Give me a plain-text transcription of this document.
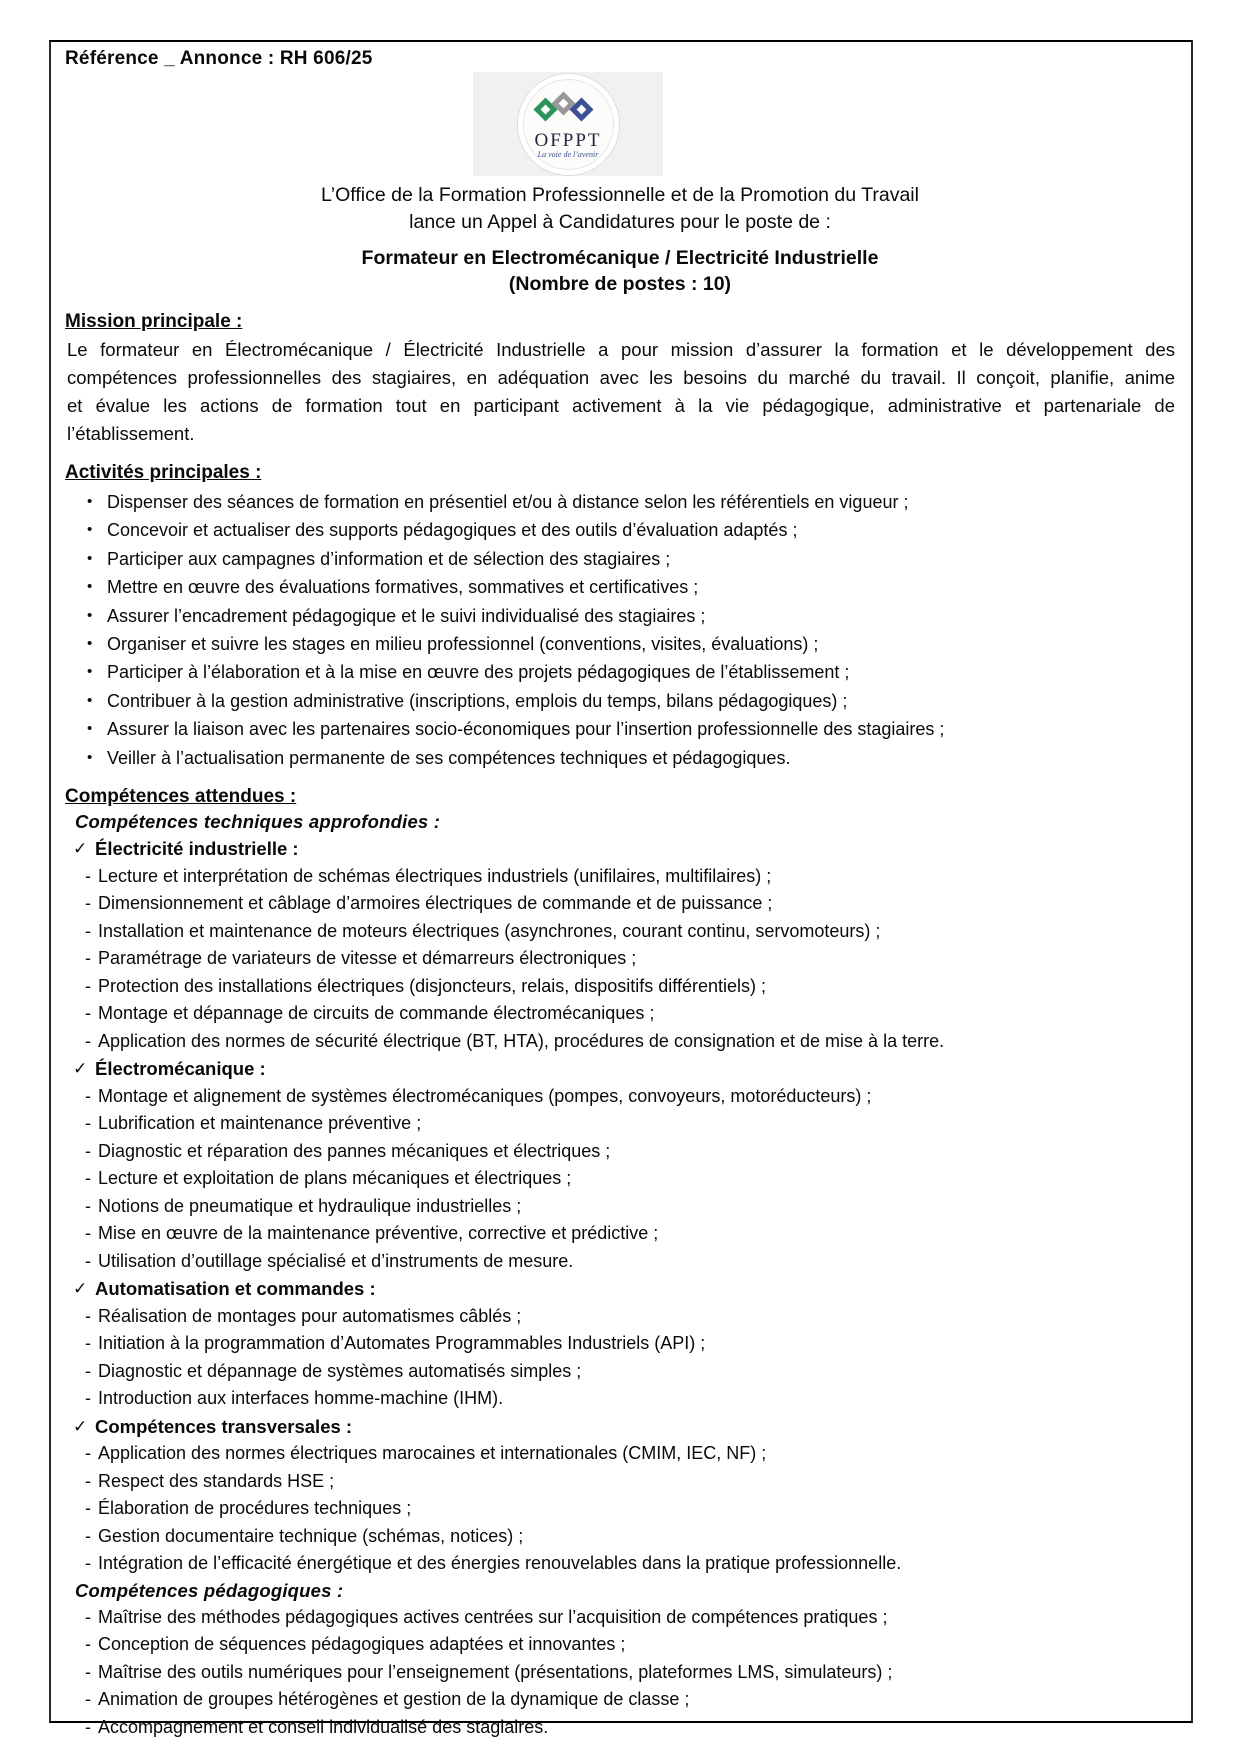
Référence _ Annonce : RH 606/25
OFPPT
La voie de l’avenir
L’Office de la Formation Professionnelle et de la Promotion du Travail
lance un Appel à Candidatures pour le poste de :
Formateur en Electromécanique / Electricité Industrielle
(Nombre de postes : 10)
Mission principale :
Le formateur en Électromécanique / Électricité Industrielle a pour mission d’assurer la formation et le développement des compétences professionnelles des stagiaires, en adéquation avec les besoins du marché du travail. Il conçoit, planifie, anime et évalue les actions de formation tout en participant activement à la vie pédagogique, administrative et partenariale de l’établissement.
Activités principales :
• Dispenser des séances de formation en présentiel et/ou à distance selon les référentiels en vigueur ;
• Concevoir et actualiser des supports pédagogiques et des outils d’évaluation adaptés ;
• Participer aux campagnes d’information et de sélection des stagiaires ;
• Mettre en œuvre des évaluations formatives, sommatives et certificatives ;
• Assurer l’encadrement pédagogique et le suivi individualisé des stagiaires ;
• Organiser et suivre les stages en milieu professionnel (conventions, visites, évaluations) ;
• Participer à l’élaboration et à la mise en œuvre des projets pédagogiques de l’établissement ;
• Contribuer à la gestion administrative (inscriptions, emplois du temps, bilans pédagogiques) ;
• Assurer la liaison avec les partenaires socio-économiques pour l’insertion professionnelle des stagiaires ;
• Veiller à l’actualisation permanente de ses compétences techniques et pédagogiques.
Compétences attendues :
Compétences techniques approfondies :
✓ Électricité industrielle :
- Lecture et interprétation de schémas électriques industriels (unifilaires, multifilaires) ;
- Dimensionnement et câblage d’armoires électriques de commande et de puissance ;
- Installation et maintenance de moteurs électriques (asynchrones, courant continu, servomoteurs) ;
- Paramétrage de variateurs de vitesse et démarreurs électroniques ;
- Protection des installations électriques (disjoncteurs, relais, dispositifs différentiels) ;
- Montage et dépannage de circuits de commande électromécaniques ;
- Application des normes de sécurité électrique (BT, HTA), procédures de consignation et de mise à la terre.
✓ Électromécanique :
- Montage et alignement de systèmes électromécaniques (pompes, convoyeurs, motoréducteurs) ;
- Lubrification et maintenance préventive ;
- Diagnostic et réparation des pannes mécaniques et électriques ;
- Lecture et exploitation de plans mécaniques et électriques ;
- Notions de pneumatique et hydraulique industrielles ;
- Mise en œuvre de la maintenance préventive, corrective et prédictive ;
- Utilisation d’outillage spécialisé et d’instruments de mesure.
✓ Automatisation et commandes :
- Réalisation de montages pour automatismes câblés ;
- Initiation à la programmation d’Automates Programmables Industriels (API) ;
- Diagnostic et dépannage de systèmes automatisés simples ;
- Introduction aux interfaces homme-machine (IHM).
✓ Compétences transversales :
- Application des normes électriques marocaines et internationales (CMIM, IEC, NF) ;
- Respect des standards HSE ;
- Élaboration de procédures techniques ;
- Gestion documentaire technique (schémas, notices) ;
- Intégration de l’efficacité énergétique et des énergies renouvelables dans la pratique professionnelle.
Compétences pédagogiques :
- Maîtrise des méthodes pédagogiques actives centrées sur l’acquisition de compétences pratiques ;
- Conception de séquences pédagogiques adaptées et innovantes ;
- Maîtrise des outils numériques pour l’enseignement (présentations, plateformes LMS, simulateurs) ;
- Animation de groupes hétérogènes et gestion de la dynamique de classe ;
- Accompagnement et conseil individualisé des stagiaires.
